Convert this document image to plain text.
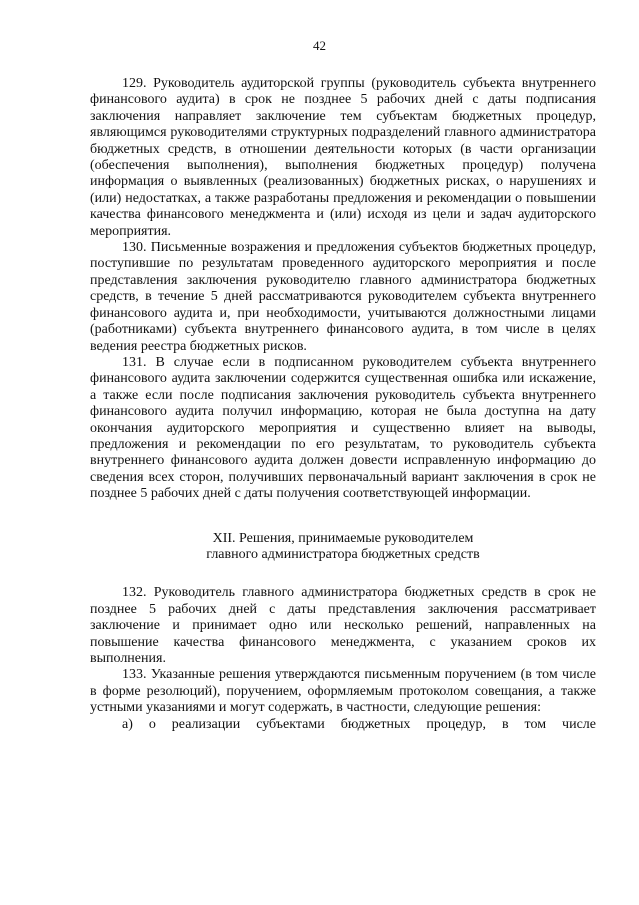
42

129. Руководитель аудиторской группы (руководитель субъекта внутреннего финансового аудита) в срок не позднее 5 рабочих дней с даты подписания заключения направляет заключение тем субъектам бюджетных процедур, являющимся руководителями структурных подразделений главного администратора бюджетных средств, в отношении деятельности которых (в части организации (обеспечения выполнения), выполнения бюджетных процедур) получена информация о выявленных (реализованных) бюджетных рисках, о нарушениях и (или) недостатках, а также разработаны предложения и рекомендации о повышении качества финансового менеджмента и (или) исходя из цели и задач аудиторского мероприятия.

130. Письменные возражения и предложения субъектов бюджетных процедур, поступившие по результатам проведенного аудиторского мероприятия и после представления заключения руководителю главного администратора бюджетных средств, в течение 5 дней рассматриваются руководителем субъекта внутреннего финансового аудита и, при необходимости, учитываются должностными лицами (работниками) субъекта внутреннего финансового аудита, в том числе в целях ведения реестра бюджетных рисков.

131. В случае если в подписанном руководителем субъекта внутреннего финансового аудита заключении содержится существенная ошибка или искажение, а также если после подписания заключения руководитель субъекта внутреннего финансового аудита получил информацию, которая не была доступна на дату окончания аудиторского мероприятия и существенно влияет на выводы, предложения и рекомендации по его результатам, то руководитель субъекта внутреннего финансового аудита должен довести исправленную информацию до сведения всех сторон, получивших первоначальный вариант заключения в срок не позднее 5 рабочих дней с даты получения соответствующей информации.

XII. Решения, принимаемые руководителем
главного администратора бюджетных средств

132. Руководитель главного администратора бюджетных средств в срок не позднее 5 рабочих дней с даты представления заключения рассматривает заключение и принимает одно или несколько решений, направленных на повышение качества финансового менеджмента, с указанием сроков их выполнения.

133. Указанные решения утверждаются письменным поручением (в том числе в форме резолюций), поручением, оформляемым протоколом совещания, а также устными указаниями и могут содержать, в частности, следующие решения:

а) о реализации субъектами бюджетных процедур, в том числе
